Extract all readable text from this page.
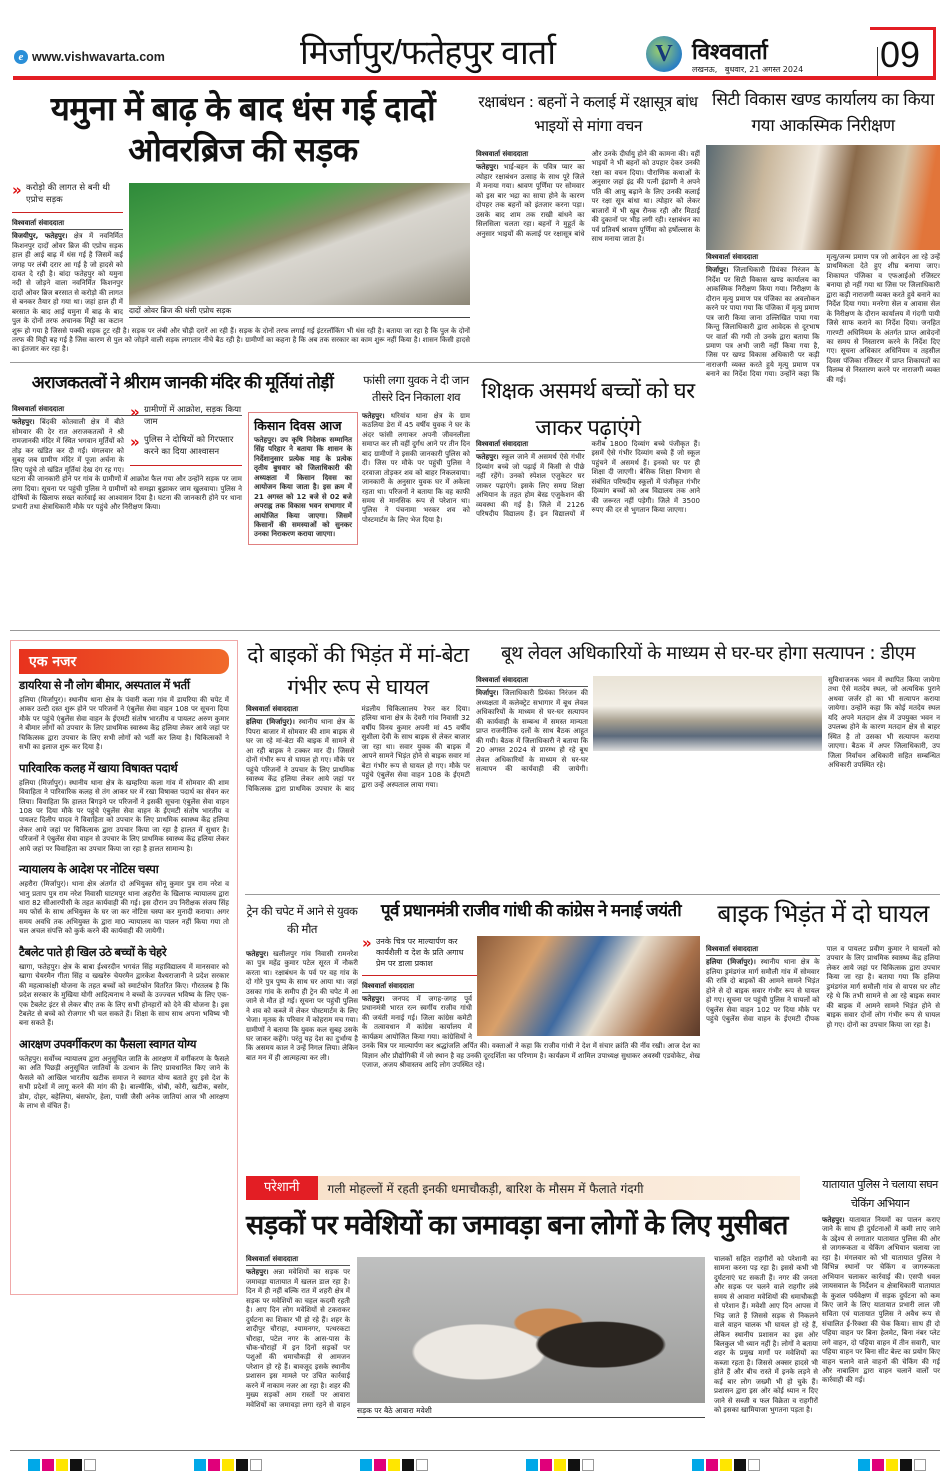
e www.vishwavarta.com	मिर्जापुर/फतेहपुर वार्ता	V विश्ववार्ता
लखनऊ, बुधवार, 21 अगस्त 2024 09
यमुना में बाढ़ के बाद धंस गई दादों ओवरब्रिज की सड़क
दादों ओवर ब्रिज की धंसी एप्रोच सड़क
» करोड़ो की लागत से बनी थी एप्रोच सड़क
विश्ववार्ता संवाददाता
विजयीपुर, फतेहपुर। क्षेत्र में नवनिर्मित किशनपुर दादों ओवर ब्रिज की एप्रोच सड़क हाल ही आई बाढ़ में धंस गई है जिसमें कई जगह पर लंबी दरार आ गई है जो हादसे को दावत दे रही है। बांदा फतेहपुर को यमुना नदी से जोड़ने वाला नवनिर्मित किशनपुर दादों ओवर ब्रिज बरसात से करोड़ो की लागत से बनकर तैयार हो गया था। जहां हाल ही में बरसात के बाद आई यमुना में बाढ़ के बाद पुल के दोनों तरफ अचानक मिट्टी का कटान शुरू हो गया है जिससे पक्की सड़क टूट रही है। सड़क पर लंबी और चौड़ी दरारें आ रही हैं। सड़क के दोनों तरफ लगाई गई इंटरलॉकिंग भी धंस रही है। बताया जा रहा है कि पुल के दोनों तरफ की मिट्टी बह गई है जिस कारण से पुल को जोड़ने वाली सड़क लगातार नीचे बैठ रही है। ग्रामीणों का कहना है कि अब तक सरकार का काम शुरू नहीं किया है। शासन किसी हादसे का इंतजार कर रहा है।
रक्षाबंधन : बहनों ने कलाई में रक्षासूत्र बांध भाइयों से मांगा वचन
विश्ववार्ता संवाददाता
फतेहपुर। भाई-बहन के पवित्र प्यार का त्योहार रक्षाबंधन उत्साह के साथ पूरे जिले में मनाया गया। श्रावण पूर्णिमा पर सोमवार को इस बार भद्रा का साया होने के कारण दोपहर तक बहनों को इंतजार करना पड़ा। उसके बाद शाम तक राखी बांधने का सिलसिला चलता रहा। बहनों ने मुहूर्त के अनुसार भाइयों की कलाई पर रक्षासूत्र बांधे और उनके दीर्घायु होने की कामना की। वहीं भाइयों ने भी बहनों को उपहार देकर उनकी रक्षा का वचन दिया। पौराणिक कथाओं के अनुसार जहां इंद्र की पत्नी इंद्राणी ने अपने पति की आयु बढ़ाने के लिए उनकी कलाई पर रक्षा सूत्र बांधा था। त्योहार को लेकर बाजारों में भी खूब रौनक रही और मिठाई की दुकानों पर भीड़ लगी रही। रक्षाबंधन का पर्व प्रतिवर्ष श्रावण पूर्णिमा को हर्षोल्लास के साथ मनाया जाता है।
सिटी विकास खण्ड कार्यालय का किया गया आकस्मिक निरीक्षण
विश्ववार्ता संवाददाता
मिर्जापुर। जिलाधिकारी प्रियंका निरंजन के निर्देश पर सिटी विकास खण्ड कार्यालय का आकस्मिक निरीक्षण किया गया। निरीक्षण के दौरान मृत्यु प्रमाण पत्र पंजिका का अवलोकन करने पर पाया गया कि पंजिका में मृत्यु प्रमाण पत्र जारी किया जाना उल्लिखित पाया गया किन्तु जिलाधिकारी द्वारा आवेदक से दूरभाष पर वार्ता की गयी तो उनके द्वारा बताया कि प्रमाण पत्र अभी जारी नहीं किया गया है, जिस पर खण्ड विकास अधिकारी पर कड़ी नाराजगी व्यक्त करते हुये मृत्यु प्रमाण पत्र बनाने का निर्देश दिया गया। उन्होंने कहा कि मृत्यु/जन्म प्रमाण पत्र जो आवेदन आ रहे उन्हें प्राथमिकता देते हुए शीघ्र बनाया जाए। शिकायत पंजिका व एफआईओ रजिस्टर बनाया हो नहीं गया था जिस पर जिलाधिकारी द्वारा कड़ी नाराजगी व्यक्त करते हुये बनाने का निर्देश दिया गया। मनरेगा सेल व आवास सेल के निरीक्षण के दौरान कार्यालय में गंदगी पायी जिसे साफ कराने का निर्देश दिया। जनहित गारण्टी अधिनियम के अंतर्गत प्राप्त आवेदनों का समय से निस्तारण करने के निर्देश दिए गए। सूचना अधिकार अधिनियम व तहसील दिवस पंजिका रजिस्टर में प्राप्त शिकायतों का विलम्ब से निस्तारण करने पर नाराजगी व्यक्त की गई।
अराजकतत्वों ने श्रीराम जानकी मंदिर की मूर्तियां तोड़ीं
» ग्रामीणों में आक्रोश, सड़क किया जाम
» पुलिस ने दोषियों को गिरफ्तार करने का दिया आश्वासन
विश्ववार्ता संवाददाता
फतेहपुर। बिंदकी कोतवाली क्षेत्र में बीते सोमवार की देर रात अराजकतत्वों ने श्री रामजानकी मंदिर में स्थित भगवान मूर्तियों को तोड़ कर खंडित कर दी गईं। मंगलवार को सुबह जब ग्रामीण मंदिर में पूजा अर्चना के लिए पहुंचे तो खंडित मूर्तियां देख दंग रह गए। घटना की जानकारी होने पर गांव के ग्रामीणों में आक्रोश फैल गया और उन्होंने सड़क पर जाम लगा दिया। सूचना पर पहुंची पुलिस ने ग्रामीणों को समझा बुझाकर जाम खुलवाया। पुलिस ने दोषियों के खिलाफ सख्त कार्रवाई का आश्वासन दिया है। घटना की जानकारी होने पर थाना प्रभारी तथा क्षेत्राधिकारी मौके पर पहुंचे और निरीक्षण किया।
किसान दिवस आज
फतेहपुर। उप कृषि निदेशक सम्मानित सिंह परिहार ने बताया कि शासन के निर्देशानुसार प्रत्येक माह के प्रत्येक तृतीय बुधवार को जिलाधिकारी की अध्यक्षता में किसान दिवस का आयोजन किया जाता है। इस क्रम में 21 अगस्त को 12 बजे से 02 बजे अपराह्न तक विकास भवन सभागार में आयोजित किया जाएगा। जिसमें किसानों की समस्याओं को सुनकर उनका निराकरण कराया जाएगा।
फांसी लगा युवक ने दी जान तीसरे दिन निकाला शव
फतेहपुर। थरियांव थाना क्षेत्र के ग्राम कठलिया डेरा में 45 वर्षीय युवक ने घर के अंदर फांसी लगाकर अपनी जीवनलीला समाप्त कर ली वहीं दुर्गंध आने पर तीन दिन बाद ग्रामीणों ने इसकी जानकारी पुलिस को दी। जिस पर मौके पर पहुंची पुलिस ने दरवाजा तोड़कर शव को बाहर निकलवाया। जानकारी के अनुसार युवक घर में अकेला रहता था। परिजनों ने बताया कि वह काफी समय से मानसिक रूप से परेशान था। पुलिस ने पंचनामा भरकर शव को पोस्टमार्टम के लिए भेज दिया है।
शिक्षक असमर्थ बच्चों को घर जाकर पढ़ाएंगे
विश्ववार्ता संवाददाता
फतेहपुर। स्कूल जाने में असमर्थ ऐसे गंभीर दिव्यांग बच्चे जो पढ़ाई में किसी से पीछे नहीं रहेंगे। उनको स्पेशल एजुकेटर घर जाकर पढ़ाएंगे। इसके लिए समग्र शिक्षा अभियान के तहत होम बेस्ड एजुकेशन की व्यवस्था की गई है। जिले में 2126 परिषदीय विद्यालय हैं। इन विद्यालयों में करीब 1800 दिव्यांग बच्चे पंजीकृत हैं। इसमें ऐसे गंभीर दिव्यांग बच्चे हैं जो स्कूल पहुंचने में असमर्थ हैं। इनको घर पर ही शिक्षा दी जाएगी। बेसिक शिक्षा विभाग से संबंधित परिषदीय स्कूलों में पंजीकृत गंभीर दिव्यांग बच्चों को अब विद्यालय तक आने की जरूरत नहीं पड़ेगी। जिले में 3500 रुपए की दर से भुगतान किया जाएगा।
एक नजर
डायरिया से नौ लोग बीमार, अस्पताल में भर्ती
हलिया (मिर्जापुर)। स्थानीय थाना क्षेत्र के पंवारी कला गांव में डायरिया की चपेट में आकर उल्टी दस्त शुरू होने पर परिजनों ने एंबुलेंस सेवा वाहन 108 पर सूचना दिया मौके पर पहुंचे एंबुलेंस सेवा वाहन के ईएमटी संतोष भारतीय व पायलट अरुण कुमार ने बीमार लोगों को उपचार के लिए प्राथमिक स्वास्थ्य केंद्र हलिया लेकर आये जहां पर चिकित्सक द्वारा उपचार के लिए सभी लोगों को भर्ती कर लिया है। चिकित्सकों ने सभी का इलाज शुरू कर दिया है।
पारिवारिक कलह में खाया विषाक्त पदार्थ
हलिया (मिर्जापुर)। स्थानीय थाना क्षेत्र के खम्हरिया कला गांव में सोमवार की शाम विवाहिता ने पारिवारिक कलह से तंग आकर घर में रखा विषाक्त पदार्थ का सेवन कर लिया। विवाहिता कि हालत बिगड़ने पर परिजनों ने इसकी सूचना एंबुलेंस सेवा वाहन 108 पर दिया मौके पर पहुंचे एंबुलेंस सेवा वाहन के ईएमटी संतोष भारतीय व पायलट दिलीप यादव ने विवाहिता को उपचार के लिए प्राथमिक स्वास्थ्य केंद्र हलिया लेकर आये जहां पर चिकित्सक द्वारा उपचार किया जा रहा है हालत में सुधार है। परिजनों ने एंबुलेंस सेवा वाहन से उपचार के लिए प्राथमिक स्वास्थ्य केंद्र हलिया लेकर आये जहां पर विवाहिता का उपचार किया जा रहा है हालत सामान्य है।
न्यायालय के आदेश पर नोटिस चस्पा
अहरौरा (मिर्जापुर)। थाना क्षेत्र अंतर्गत दो अभियुक्त सोनू कुमार पुत्र राम नरेश व भानु प्रताप पुत्र राम नरेश निवासी घाटमपुर थाना अहरौरा के खिलाफ न्यायालय द्वारा धारा 82 सीआरपीसी के तहत कार्यवाही की गई। इस दौरान उप निरीक्षक संजय सिंह मय फोर्स के साथ अभियुक्त के घर जा कर नोटिस चस्पा कर मुनादी कराया। अगर समय अवधि तक अभियुक्त के द्वारा मा0 न्यायालय का पालन नहीं किया गया तो चल अचल संपत्ति को कुर्क करने की कार्यवाही की जायेगी।
टैबलेट पाते ही खिल उठे बच्चों के चेहरे
खागा, फतेहपुर। क्षेत्र के बाबा ईश्वरदीन भगवंत सिंह महाविद्यालय में मानसवार को खागा चेयरमैन गीता सिंह व खखरेरु चेयरमैन द्वारकेश वैश्यराजानी ने प्रदेश सरकार की महत्वाकांक्षी योजना के तहत बच्चों को स्मार्टफोन वितरित किए। गौरतलब है कि प्रदेश सरकार के मुखिया योगी आदित्यनाथ ने बच्चों के उज्ज्वल भविष्य के लिए एक-एक टैबलेट इंटर से लेकर बीए तक के लिए सभी होनहारों को देने की योजना है। इस टैबलेट से बच्चे को रोजगार भी चल सकते हैं। शिक्षा के साथ साथ अपना भविष्य भी बना सकते हैं।
आरक्षण उपवर्गीकरण का फैसला स्वागत योग्य
फतेहपुर। सर्वोच्च न्यायालय द्वारा अनुसूचित जाति के आरक्षण में वर्गीकरण के फैसले का अति पिछड़ी अनुसूचित जातियों के उत्थान के लिए प्रावधानित किए जाने के फैसले को आखिल भारतीय खटीक समाज ने स्वागत योग्य बताते हुए इसे देश के सभी प्रदेशों में लागू करने की मांग की है। बाल्मीकि, धोबी, कोरी, खटीक, बसोर, डोम, दोहर, बहेलिया, बंसफोर, हेला, पासी जैसी अनेक जातियां आज भी आरक्षण के लाभ से वंचित हैं।
दो बाइकों की भिड़ंत में मां-बेटा गंभीर रूप से घायल
विश्ववार्ता संवाददाता
हलिया (मिर्जापुर)। स्थानीय थाना क्षेत्र के पिपरा बाजार में सोमवार की शाम बाइक से घर जा रहे मां-बेटा की बाइक में सामने से आ रही बाइक ने टक्कर मार दी। जिससे दोनों गंभीर रूप से घायल हो गए। मौके पर पहुंचे परिजनों ने उपचार के लिए प्राथमिक स्वास्थ्य केंद्र हलिया लेकर आये जहां पर चिकित्सक द्वारा प्राथमिक उपचार के बाद मंडलीय चिकित्सालय रेफर कर दिया। हलिया थाना क्षेत्र के देवरी गांव निवासी 32 वर्षीय विनय कुमार अपनी मां 45 वर्षीय सुशीला देवी के साथ बाइक से लेकर बाजार जा रहा था। सवार युवक की बाइक में आपने सामने भिड़ंत होने से बाइक सवार मां बेटा गंभीर रूप से घायल हो गए। मौके पर पहुंचे एंबुलेंस सेवा वाहन 108 के ईएमटी द्वारा उन्हें अस्पताल लाया गया।
बूथ लेवल अधिकारियों के माध्यम से घर-घर होगा सत्यापन : डीएम
विश्ववार्ता संवाददाता
मिर्जापुर। जिलाधिकारी प्रियंका निरंजन की अध्यक्षता में कलेक्ट्रेट सभागार में बूथ लेवल अधिकारियों के माध्यम से घर-घर सत्यापन की कार्यवाही के सम्बन्ध में समस्त मान्यता प्राप्त राजनीतिक दलों के साथ बैठक आहूत की गयी। बैठक में जिलाधिकारी ने बताया कि 20 अगस्त 2024 से प्रारम्भ हो रहे बूथ लेवल अधिकारियों के माध्यम से घर-घर सत्यापन की कार्यवाही की जायेगी। सुविधाजनक भवन में स्थापित किया जायेगा तथा ऐसे मतदेय स्थल, जो अत्यधिक पुराने अथवा जर्जर हो का भी सत्यापन कराया जायेगा। उन्होंने कहा कि कोई मतदेय स्थल यदि अपने मतदान क्षेत्र में उपयुक्त भवन न उपलब्ध होने के कारण मतदान क्षेत्र से बाहर स्थित है तो उसका भी सत्यापन कराया जाएगा। बैठक में अपर जिलाधिकारी, उप जिला निर्वाचन अधिकारी सहित सम्बन्धित अधिकारी उपस्थित रहे।
ट्रेन की चपेट में आने से युवक की मौत
फतेहपुर। खलीलपुर गांव निवासी रामनरेश का पुत्र महेंद्र कुमार पटेल सूरत में नौकरी करता था। रक्षाबंधन के पर्व पर वह गांव के दो गोरे पुत्र पुष्प के साथ घर आया था। जहां उसका गांव के समीप ही ट्रेन की चपेट में आ जाने से मौत हो गई। सूचना पर पहुंची पुलिस ने शव को कब्जे में लेकर पोस्टमार्टम के लिए भेजा। मृतक के परिवार में कोहराम मच गया। ग्रामीणों ने बताया कि युवक कल सुबह उसके घर जाकर कहेंगे। परंतु यह देश का दुर्भाग्य है कि असमय काल ने उन्हें निगल लिया। लेकिन बात मन में ही आत्महत्या कर ली।
पूर्व प्रधानमंत्री राजीव गांधी की कांग्रेस ने मनाई जयंती
» उनके चित्र पर माल्यार्पण कर कार्यशैली व देश के प्रति अगाध प्रेम पर डाला प्रकाश
विश्ववार्ता संवाददाता
फतेहपुर। जनपद में जगह-जगह पूर्व प्रधानमंत्री भारत रत्न स्वर्गीय राजीव गांधी की जयंती मनाई गई। जिला कांग्रेस कमेटी के तत्वावधान में कांग्रेस कार्यालय में कार्यक्रम आयोजित किया गया। कांग्रेसियों ने उनके चित्र पर माल्यार्पण कर श्रद्धांजलि अर्पित की। वक्ताओं ने कहा कि राजीव गांधी ने देश में संचार क्रांति की नींव रखी। आज देश का विज्ञान और प्रौद्योगिकी में जो स्थान है वह उनकी दूरदर्शिता का परिणाम है। कार्यक्रम में शामिल उपाध्यक्ष सुधाकर अवस्थी एडवोकेट, शेख एजाज, अजय श्रीवास्तव आदि लोग उपस्थित रहे।
बाइक भिड़ंत में दो घायल
विश्ववार्ता संवाददाता
हलिया (मिर्जापुर)। स्थानीय थाना क्षेत्र के हलिया ड्रमंडगंज मार्ग समौली गांव में सोमवार की रात्रि दो बाइकों की आमने सामने भिड़ंत होने से दो बाइक सवार गंभीर रूप से घायल हो गए। सूचना पर पहुंची पुलिस ने घायलों को एंबुलेंस सेवा वाहन 102 पर दिया मौके पर पहुंचे एंबुलेंस सेवा वाहन के ईएमटी दीपक पाल व पायलट प्रवीण कुमार ने घायलों को उपचार के लिए प्राथमिक स्वास्थ्य केंद्र हलिया लेकर आये जहां पर चिकित्सक द्वारा उपचार किया जा रहा है। बताया गया कि हलिया ड्रमंडगंज मार्ग समौली गांव से वापस घर लौट रहे थे कि तभी सामने से आ रहे बाइक सवार की बाइक में आमने सामने भिड़ंत होने से बाइक सवार दोनों लोग गंभीर रूप से घायल हो गए। दोनों का उपचार किया जा रहा है।
परेशानी	गली मोहल्लों में रहती इनकी धमाचौकड़ी, बारिश के मौसम में फैलाते गंदगी
सड़कों पर मवेशियों का जमावड़ा बना लोगों के लिए मुसीबत
सड़क पर बैठे आवारा मवेशी
विश्ववार्ता संवाददाता
फतेहपुर। अन्ना मवेशियों का सड़क पर जमावड़ा यातायात में खलल डाल रहा है। दिन में ही नहीं बल्कि रात में शहरी क्षेत्र में सड़क पर मवेशियों का चहल कदमी रहती है। आए दिन लोग मवेशियों से टकराकर दुर्घटना का शिकार भी हो रहे हैं। शहर के शादीपुर चौराहा, श्यामनगर, पत्थरकटा चौराहा, पटेल नगर के आस-पास के चौक-चौराहों में इन दिनों सड़कों पर पशुओं की धमाचौकड़ी से आमजन परेशान हो रहे हैं। बावजूद इसके स्थानीय प्रशासन इस मामले पर उचित कार्रवाई करने में नाकाम नजर आ रहा है। शहर की मुख्य सड़कों आम रास्तों पर आवारा मवेशियों का जमावड़ा लगा रहने से वाहन चालकों सहित राहगीरों को परेशानी का सामना करना पड़ रहा है। इससे कभी भी दुर्घटनाएं घट सकती हैं। नगर की जनता और सड़क पर चलने वाले राहगीर लंबे समय से आवारा मवेशियों की धमाचौकड़ी से परेशान हैं। मवेशी आए दिन आपस में भिड़ जाते हैं जिससे सड़क से निकलने वाले वाहन चालक भी घायल हो रहे हैं, लेकिन स्थानीय प्रशासन का इस ओर बिलकुल भी ध्यान नहीं है। लोगों ने बताया शहर के प्रमुख मार्गों पर मवेशियों का कब्जा रहता है। जिससे अक्सर हादसे भी होते हैं और बीच रास्ते में इनके लड़ने से कई बार लोग जख्मी भी हो चुके हैं। प्रशासन द्वारा इस ओर कोई ध्यान न दिए जाने से सब्जी व फल विक्रेता व राहगीरों को इसका खामियाजा भुगतना पड़ता है।
यातायात पुलिस ने चलाया सघन चेकिंग अभियान
फतेहपुर। यातायात नियमों का पालन कराए जाने के साथ ही दुर्घटनाओं में कमी लाए जाने के उद्देश्य से लगातार यातायात पुलिस की ओर से जागरूकता व चेकिंग अभियान चलाया जा रहा है। मंगलवार को भी यातायात पुलिस ने विभिन्न स्थानों पर चेकिंग व जागरूकता अभियान चलाकर कार्रवाई की। एसपी धवल जायसवाल के निर्देशन व क्षेत्राधिकारी यातायात के कुशल पर्यवेक्षण में सड़क दुर्घटना को कम किए जाने के लिए यातायात प्रभारी लाल जी सविता एवं यातायात पुलिस ने अवैध रूप से संचालित ई-रिक्शा की चेक किया। साथ ही दो पहिया वाहन पर बिना हेलमेट, बिना नंबर प्लेट लगे वाहन, दो पहिया वाहन में तीन सवारी, चार पहिया वाहन पर बिना सीट बेल्ट का प्रयोग किए वाहन चलाने वाले वाहनों की चेकिंग की गई और नाबालिग द्वारा वाहन चलाने वालों पर कार्रवाही की गई।
